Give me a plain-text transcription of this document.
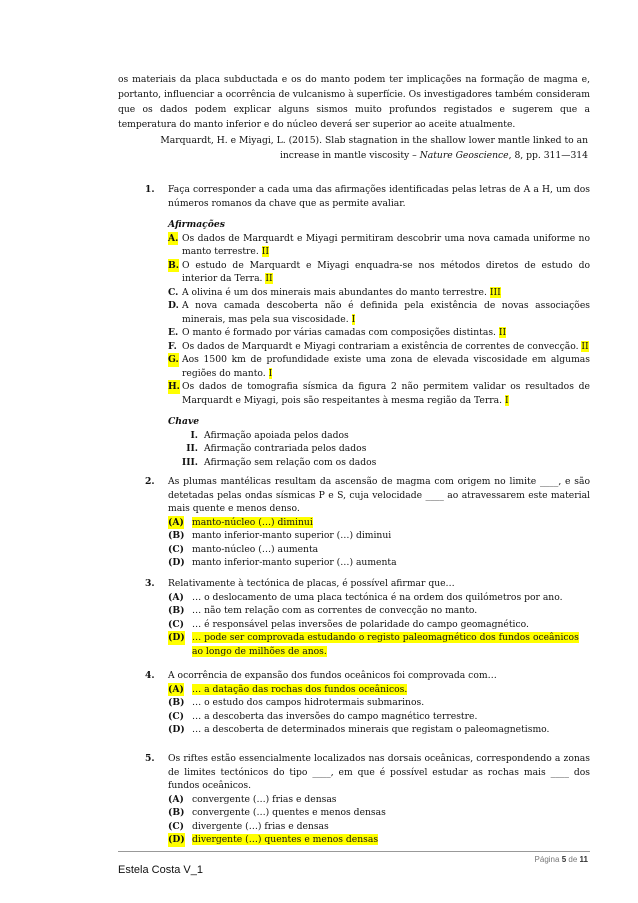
os materiais da placa subductada e os do manto podem ter implicações na formação de magma e, portanto, influenciar a ocorrência de vulcanismo à superfície. Os investigadores também consideram que os dados podem explicar alguns sismos muito profundos registados e sugerem que a temperatura do manto inferior e do núcleo deverá ser superior ao aceite atualmente.
Marquardt, H. e Miyagi, L. (2015). Slab stagnation in the shallow lower mantle linked to an increase in mantle viscosity – Nature Geoscience, 8, pp. 311—314
1. Faça corresponder a cada uma das afirmações identificadas pelas letras de A a H, um dos números romanos da chave que as permite avaliar.
Afirmações
A. Os dados de Marquardt e Miyagi permitiram descobrir uma nova camada uniforme no manto terrestre. II
B. O estudo de Marquardt e Miyagi enquadra-se nos métodos diretos de estudo do interior da Terra. II
C. A olivina é um dos minerais mais abundantes do manto terrestre. III
D. A nova camada descoberta não é definida pela existência de novas associações minerais, mas pela sua viscosidade. I
E. O manto é formado por várias camadas com composições distintas. II
F. Os dados de Marquardt e Miyagi contrariam a existência de correntes de convecção. II
G. Aos 1500 km de profundidade existe uma zona de elevada viscosidade em algumas regiões do manto. I
H. Os dados de tomografia sísmica da figura 2 não permitem validar os resultados de Marquardt e Miyagi, pois são respeitantes à mesma região da Terra. I
Chave
I. Afirmação apoiada pelos dados
II. Afirmação contrariada pelos dados
III. Afirmação sem relação com os dados
2. As plumas mantélicas resultam da ascensão de magma com origem no limite ____, e são detetadas pelas ondas sísmicas P e S, cuja velocidade ____ ao atravessarem este material mais quente e menos denso.
(A) manto-núcleo (…) diminui
(B) manto inferior-manto superior (…) diminui
(C) manto-núcleo (…) aumenta
(D) manto inferior-manto superior (…) aumenta
3. Relativamente à tectónica de placas, é possível afirmar que…
(A) … o deslocamento de uma placa tectónica é na ordem dos quilómetros por ano.
(B) … não tem relação com as correntes de convecção no manto.
(C) … é responsável pelas inversões de polaridade do campo geomagnético.
(D) … pode ser comprovada estudando o registo paleomagnético dos fundos oceânicos ao longo de milhões de anos.
4. A ocorrência de expansão dos fundos oceânicos foi comprovada com…
(A) … a datação das rochas dos fundos oceânicos.
(B) … o estudo dos campos hidrotermais submarinos.
(C) … a descoberta das inversões do campo magnético terrestre.
(D) … a descoberta de determinados minerais que registam o paleomagnetismo.
5. Os riftes estão essencialmente localizados nas dorsais oceânicas, correspondendo a zonas de limites tectónicos do tipo ____, em que é possível estudar as rochas mais ____ dos fundos oceânicos.
(A) convergente (…) frias e densas
(B) convergente (…) quentes e menos densas
(C) divergente (…) frias e densas
(D) divergente (…) quentes e menos densas
Página 5 de 11
Estela Costa V_1
